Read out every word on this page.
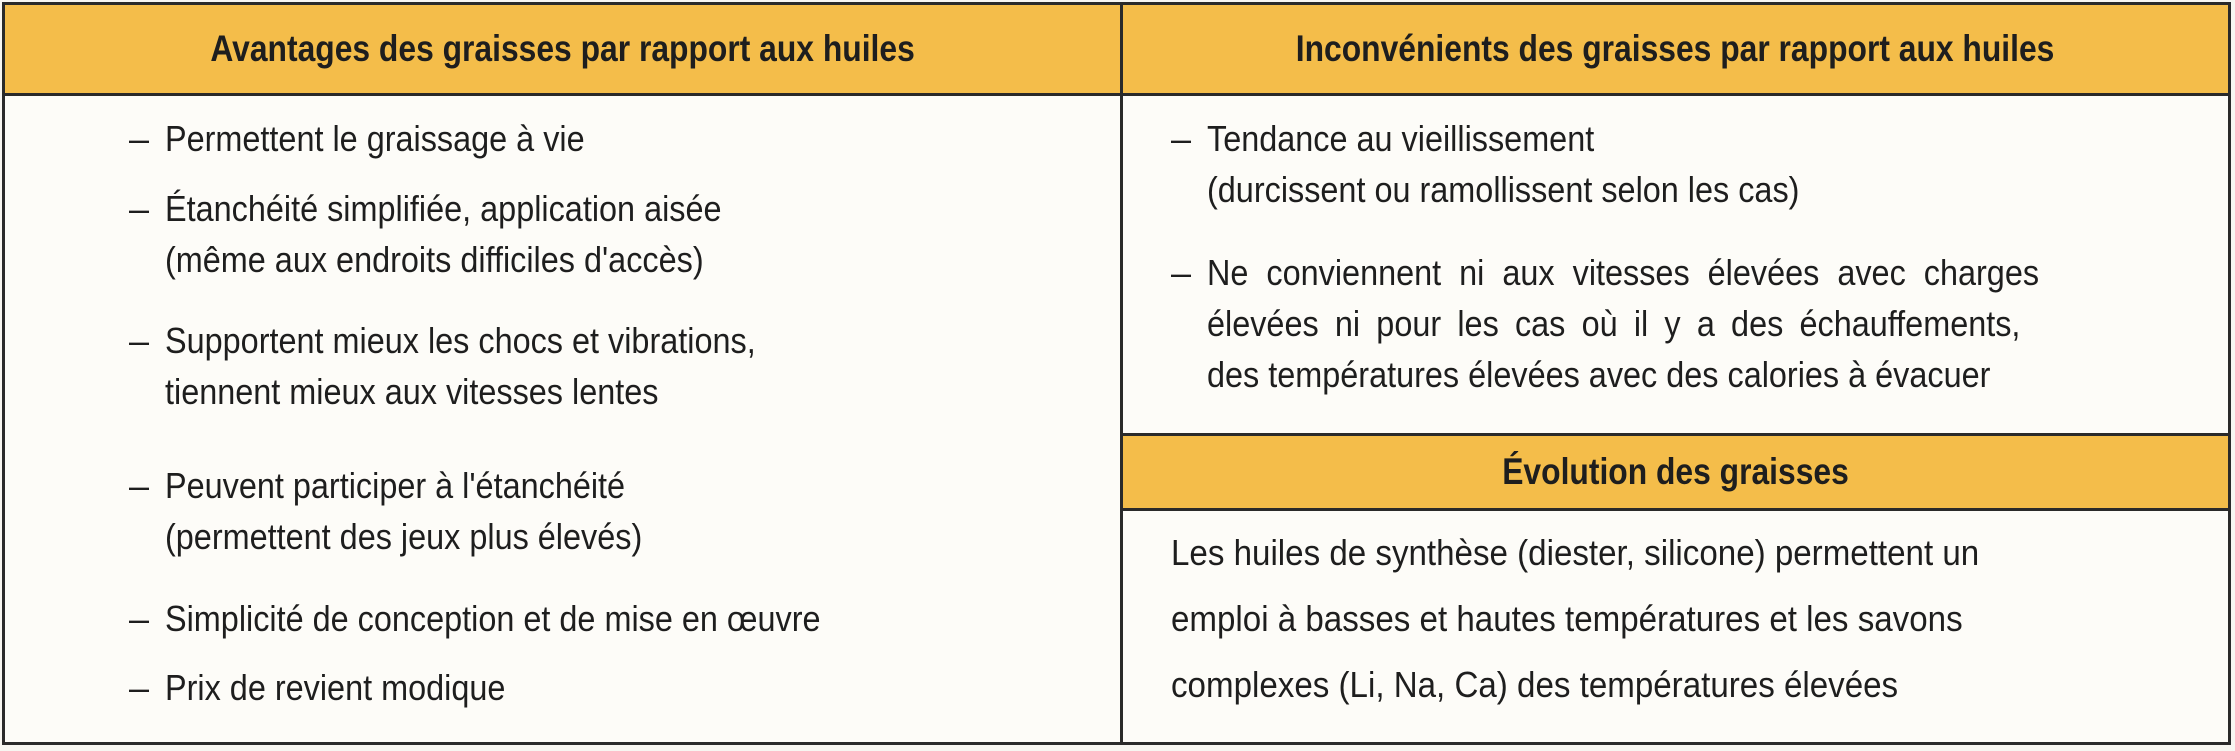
Avantages des graisses par rapport aux huiles
– Permettent le graissage à vie
– Étanchéité simplifiée, application aisée
(même aux endroits difficiles d'accès)
– Supportent mieux les chocs et vibrations,
tiennent mieux aux vitesses lentes
– Peuvent participer à l'étanchéité
(permettent des jeux plus élevés)
– Simplicité de conception et de mise en œuvre
– Prix de revient modique
Inconvénients des graisses par rapport aux huiles
– Tendance au vieillissement
(durcissent ou ramollissent selon les cas)
– Ne conviennent ni aux vitesses élevées avec charges
élevées ni pour les cas où il y a des échauffements,
des températures élevées avec des calories à évacuer
Évolution des graisses
Les huiles de synthèse (diester, silicone) permettent un
emploi à basses et hautes températures et les savons
complexes (Li, Na, Ca) des températures élevées
